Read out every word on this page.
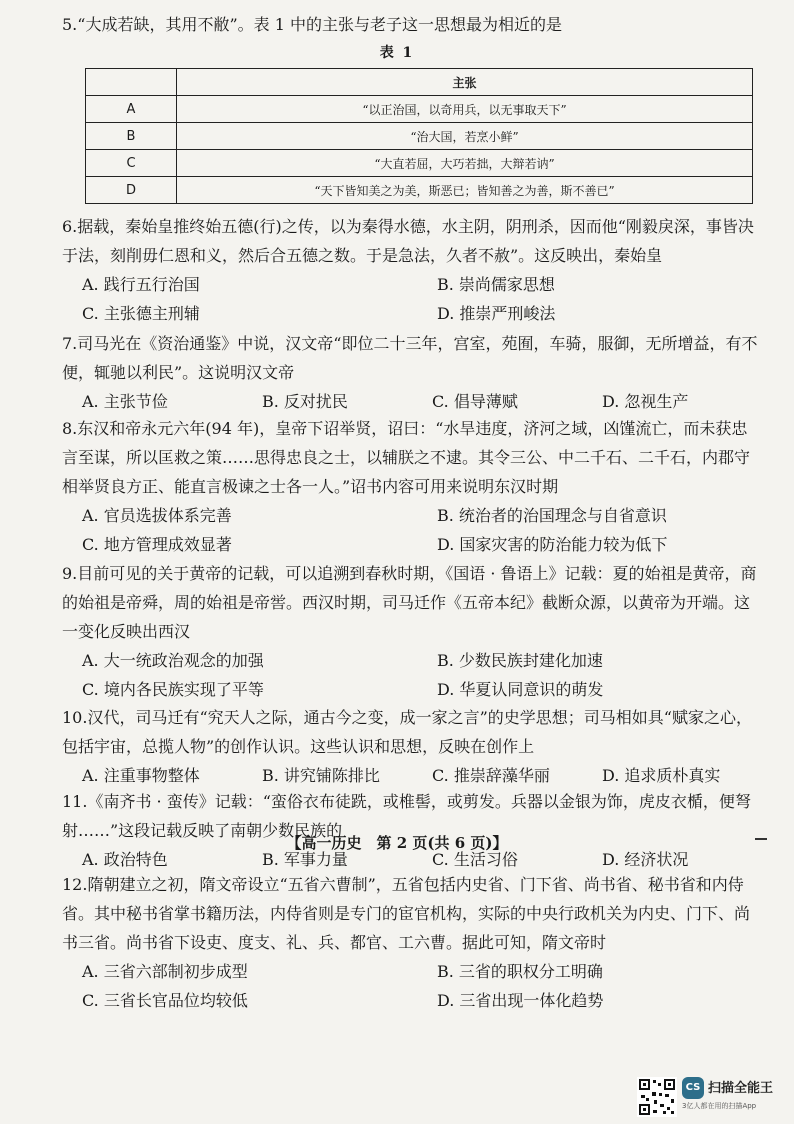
5.“大成若缺，其用不敝”。表 1 中的主张与老子这一思想最为相近的是

表 1
	主张
A	“以正治国，以奇用兵，以无事取天下”
B	“治大国，若烹小鲜”
C	“大直若屈，大巧若拙，大辩若讷”
D	“天下皆知美之为美，斯恶已；皆知善之为善，斯不善已”

6.据载，秦始皇推终始五德(行)之传，以为秦得水德，水主阴，阴刑杀，因而他“刚毅戾深，事皆决于法，刻削毋仁恩和义，然后合五德之数。于是急法，久者不赦”。这反映出，秦始皇

A. 践行五行治国	B. 崇尚儒家思想
C. 主张德主刑辅	D. 推崇严刑峻法

7.司马光在《资治通鉴》中说，汉文帝“即位二十三年，宫室，苑囿，车骑，服御，无所增益，有不便，辄驰以利民”。这说明汉文帝

A. 主张节俭	B. 反对扰民	C. 倡导薄赋	D. 忽视生产

8.东汉和帝永元六年(94 年)，皇帝下诏举贤，诏曰：“水旱违度，济河之域，凶馑流亡，而未获忠言至谋，所以匡救之策……思得忠良之士，以辅朕之不逮。其令三公、中二千石、二千石，内郡守相举贤良方正、能直言极谏之士各一人。”诏书内容可用来说明东汉时期

A. 官员选拔体系完善	B. 统治者的治国理念与自省意识
C. 地方管理成效显著	D. 国家灾害的防治能力较为低下

9.目前可见的关于黄帝的记载，可以追溯到春秋时期，《国语 · 鲁语上》记载：夏的始祖是黄帝，商的始祖是帝舜，周的始祖是帝喾。西汉时期，司马迁作《五帝本纪》截断众源，以黄帝为开端。这一变化反映出西汉

A. 大一统政治观念的加强	B. 少数民族封建化加速
C. 境内各民族实现了平等	D. 华夏认同意识的萌发

10.汉代，司马迁有“究天人之际，通古今之变，成一家之言”的史学思想；司马相如具“赋家之心，包括宇宙，总揽人物”的创作认识。这些认识和思想，反映在创作上

A. 注重事物整体	B. 讲究铺陈排比	C. 推崇辞藻华丽	D. 追求质朴真实

11.《南齐书 · 蛮传》记载：“蛮俗衣布徒跣，或椎髻，或剪发。兵器以金银为饰，虎皮衣楯，便弩射……”这段记载反映了南朝少数民族的

A. 政治特色	B. 军事力量	C. 生活习俗	D. 经济状况

12.隋朝建立之初，隋文帝设立“五省六曹制”，五省包括内史省、门下省、尚书省、秘书省和内侍省。其中秘书省掌书籍历法，内侍省则是专门的宦官机构，实际的中央行政机关为内史、门下、尚书三省。尚书省下设吏、度支、礼、兵、都官、工六曹。据此可知，隋文帝时

A. 三省六部制初步成型	B. 三省的职权分工明确
C. 三省长官品位均较低	D. 三省出现一体化趋势
【高一历史　第 2 页(共 6 页)】
CS 扫描全能王
3亿人都在用的扫描App
